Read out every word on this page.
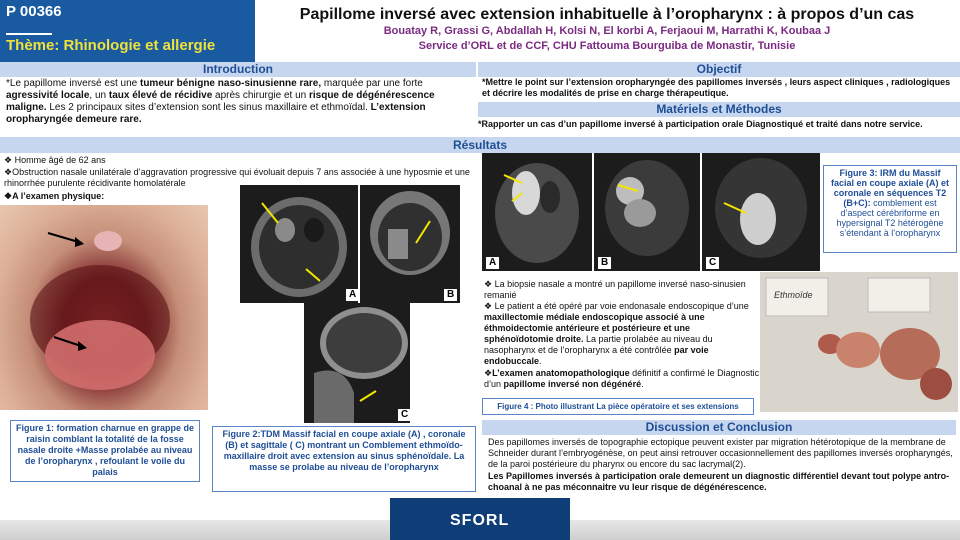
P 00366
Thème: Rhinologie et allergie
Papillome inversé avec extension inhabituelle à l’oropharynx : à propos d’un cas
Bouatay R, Grassi G, Abdallah H, Kolsi N, El korbi A, Ferjaoui M, Harrathi K, Koubaa J
Service d’ORL et de CCF, CHU Fattouma Bourguiba de Monastir, Tunisie
Introduction
*Le papillome inversé est une tumeur bénigne naso-sinusienne rare, marquée par une forte agressivité locale, un taux élevé de récidive après chirurgie et un risque de dégénérescence maligne. Les 2 principaux sites d’extension sont les sinus maxillaire et ethmoïdal. L’extension oropharyngée demeure rare.
Objectif
*Mettre le point sur l’extension oropharyngée des papillomes inversés , leurs aspect cliniques , radiologiques et décrire les modalités de prise en charge thérapeutique.
Matériels et Méthodes
*Rapporter un cas d’un papillome inversé à participation orale Diagnostiqué et traité dans notre service.
Résultats
❖ Homme âgé de 62 ans
❖Obstruction nasale unilatérale d’aggravation progressive qui évoluait depuis 7 ans associée à une hyposmie et une rhinorrhée purulente récidivante homolatérale
❖A l’examen physique:
A	B
C
A	B	C
Figure 3: IRM du Massif facial en coupe axiale (A) et coronale en séquences T2 (B+C): comblement est d’aspect cérébriforme en hypersignal T2 hétérogène s’étendant à l’oropharynx
❖ La biopsie nasale a montré un papillome inversé naso-sinusien remanié
❖ Le patient a été opéré par voie endonasale endoscopique d’une maxillectomie médiale endoscopique associé à une éthmoidectomie antérieure et postérieure et une sphénoïdotomie droite. La partie prolabée au niveau du nasopharynx et de l’oropharynx a été contrôlée par voie endobuccale.
❖L’examen anatomopathologique définitif a confirmé le Diagnostic d’un papillome inversé non dégénéré.
Ethmoïde
Figure 4 : Photo illustrant La pièce opératoire et ses extensions
Figure 1: formation charnue en grappe de raisin comblant la totalité de la fosse nasale droite +Masse prolabée au niveau de l’oropharynx , refoulant le voile du palais
Figure 2:TDM Massif facial en coupe axiale (A) , coronale (B) et sagittale ( C) montrant un Comblement ethmoïdo-maxillaire droit avec extension au sinus sphénoïdale. La masse se prolabe au niveau de l’oropharynx
Discussion et Conclusion
Des papillomes inversés de topographie ectopique peuvent exister par migration hétérotopique de la membrane de Schneider durant l’embryogénèse, on peut ainsi retrouver occasionnellement des papillomes inversés oropharyngés, de la paroi postérieure du pharynx ou encore du sac lacrymal(2).
Les Papillomes inversés à participation orale demeurent un diagnostic différentiel devant tout polype antro-choanal à ne pas méconnaitre vu leur risque de dégénérescence.
SFORL
